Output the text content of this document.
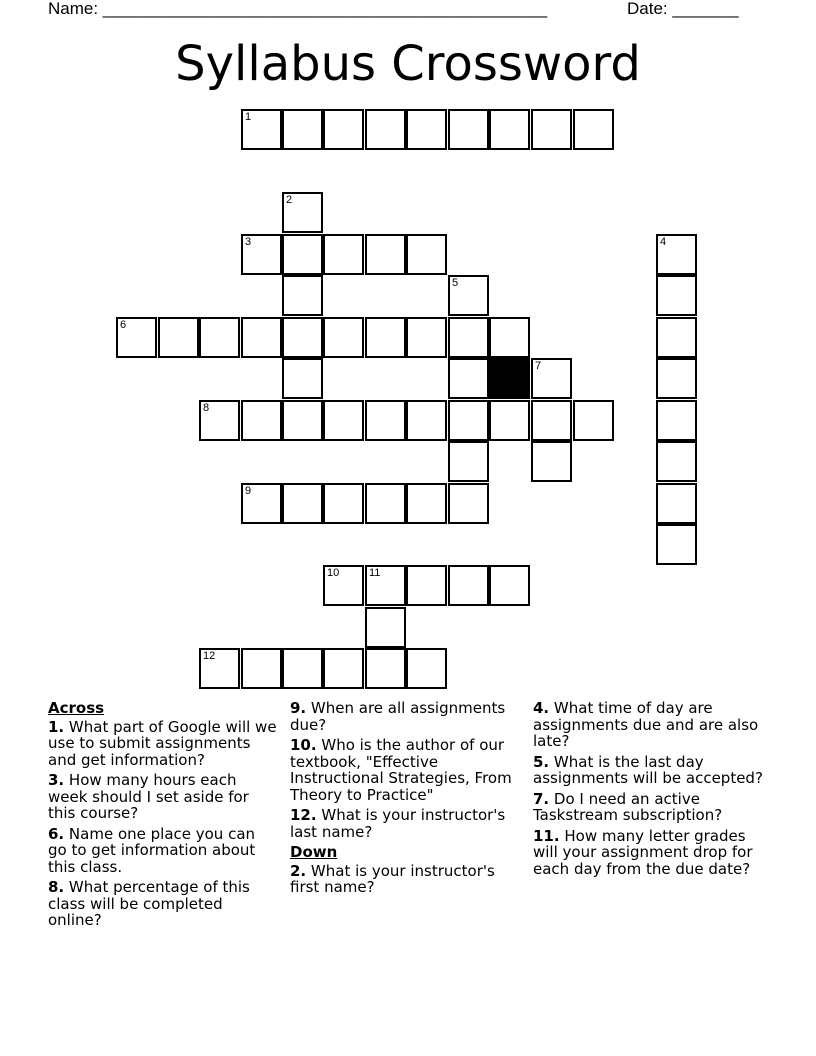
Name: _______________________________________________	Date: _______
Syllabus Crossword
1
2
3	4
5
6
7
8
9
10	11
12
Across
1. What part of Google will we use to submit assignments and get information?
3. How many hours each week should I set aside for this course?
6. Name one place you can go to get information about this class.
8. What percentage of this class will be completed online?
9. When are all assignments due?
10. Who is the author of our textbook, "Effective Instructional Strategies, From Theory to Practice"
12. What is your instructor's last name?
Down
2. What is your instructor's first name?
4. What time of day are assignments due and are also late?
5. What is the last day assignments will be accepted?
7. Do I need an active Taskstream subscription?
11. How many letter grades will your assignment drop for each day from the due date?
